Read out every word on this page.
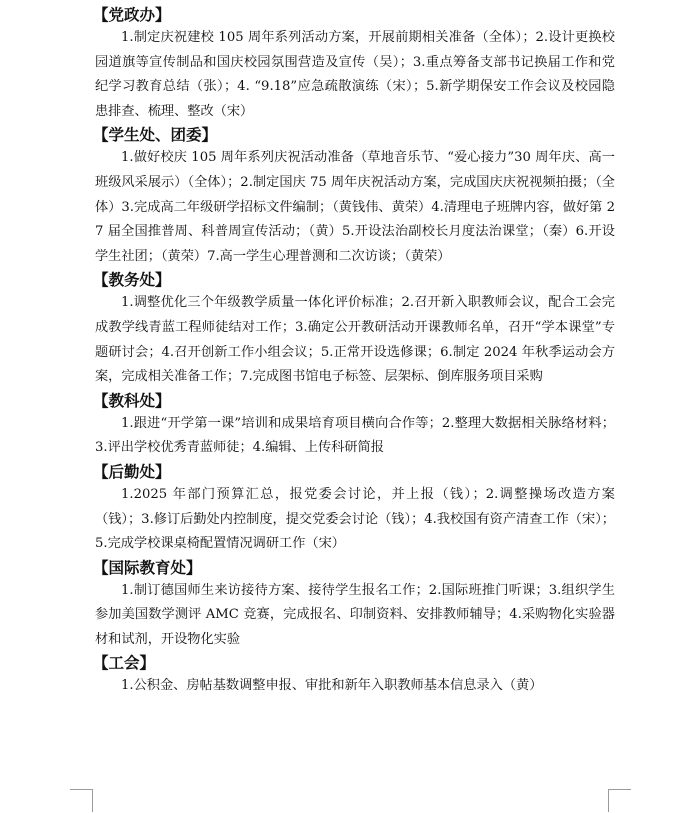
【党政办】

1.制定庆祝建校 105 周年系列活动方案，开展前期相关准备（全体）；2.设计更换校园道旗等宣传制品和国庆校园氛围营造及宣传（吴）；3.重点筹备支部书记换届工作和党纪学习教育总结（张）；4. “9.18”应急疏散演练（宋）；5.新学期保安工作会议及校园隐患排查、梳理、整改（宋）

【学生处、团委】

1.做好校庆 105 周年系列庆祝活动准备（草地音乐节、“爱心接力”30 周年庆、高一班级风采展示）（全体）；2.制定国庆 75 周年庆祝活动方案，完成国庆庆祝视频拍摄；（全体）3.完成高二年级研学招标文件编制；（黄钱伟、黄荣）4.清理电子班牌内容，做好第 27 届全国推普周、科普周宣传活动；（黄）5.开设法治副校长月度法治课堂；（秦）6.开设学生社团；（黄荣）7.高一学生心理普测和二次访谈；（黄荣）

【教务处】

1.调整优化三个年级教学质量一体化评价标准；2.召开新入职教师会议，配合工会完成教学线青蓝工程师徒结对工作；3.确定公开教研活动开课教师名单，召开“学本课堂”专题研讨会；4.召开创新工作小组会议；5.正常开设选修课；6.制定 2024 年秋季运动会方案，完成相关准备工作；7.完成图书馆电子标签、层架标、倒库服务项目采购

【教科处】

1.跟进“开学第一课”培训和成果培育项目横向合作等；2.整理大数据相关脉络材料；3.评出学校优秀青蓝师徒；4.编辑、上传科研简报

【后勤处】

1.2025 年部门预算汇总，报党委会讨论，并上报（钱）；2.调整操场改造方案（钱）；3.修订后勤处内控制度，提交党委会讨论（钱）；4.我校国有资产清查工作（宋）；5.完成学校课桌椅配置情况调研工作（宋）

【国际教育处】

1.制订德国师生来访接待方案、接待学生报名工作；2.国际班推门听课；3.组织学生参加美国数学测评 AMC 竞赛，完成报名、印制资料、安排教师辅导；4.采购物化实验器材和试剂，开设物化实验

【工会】

1.公积金、房帖基数调整申报、审批和新年入职教师基本信息录入（黄）
